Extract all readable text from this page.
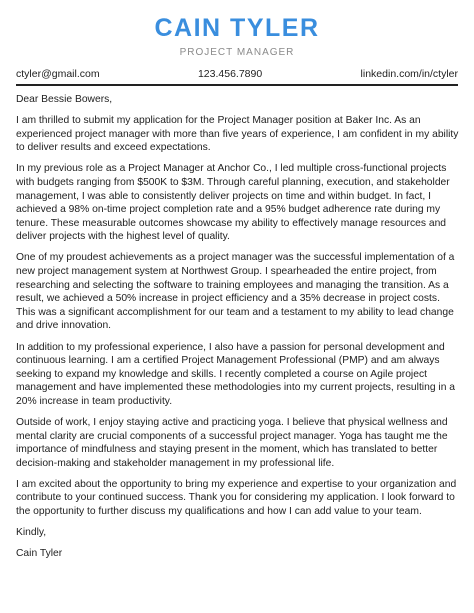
CAIN TYLER
PROJECT MANAGER
ctyler@gmail.com	123.456.7890	linkedin.com/in/ctyler

Dear Bessie Bowers,

I am thrilled to submit my application for the Project Manager position at Baker Inc. As an experienced project manager with more than five years of experience, I am confident in my ability to deliver results and exceed expectations.

In my previous role as a Project Manager at Anchor Co., I led multiple cross-functional projects with budgets ranging from $500K to $3M. Through careful planning, execution, and stakeholder management, I was able to consistently deliver projects on time and within budget. In fact, I achieved a 98% on-time project completion rate and a 95% budget adherence rate during my tenure. These measurable outcomes showcase my ability to effectively manage resources and deliver projects with the highest level of quality.

One of my proudest achievements as a project manager was the successful implementation of a new project management system at Northwest Group. I spearheaded the entire project, from researching and selecting the software to training employees and managing the transition. As a result, we achieved a 50% increase in project efficiency and a 35% decrease in project costs. This was a significant accomplishment for our team and a testament to my ability to lead change and drive innovation.

In addition to my professional experience, I also have a passion for personal development and continuous learning. I am a certified Project Management Professional (PMP) and am always seeking to expand my knowledge and skills. I recently completed a course on Agile project management and have implemented these methodologies into my current projects, resulting in a 20% increase in team productivity.

Outside of work, I enjoy staying active and practicing yoga. I believe that physical wellness and mental clarity are crucial components of a successful project manager. Yoga has taught me the importance of mindfulness and staying present in the moment, which has translated to better decision-making and stakeholder management in my professional life.

I am excited about the opportunity to bring my experience and expertise to your organization and contribute to your continued success. Thank you for considering my application. I look forward to the opportunity to further discuss my qualifications and how I can add value to your team.

Kindly,

Cain Tyler
